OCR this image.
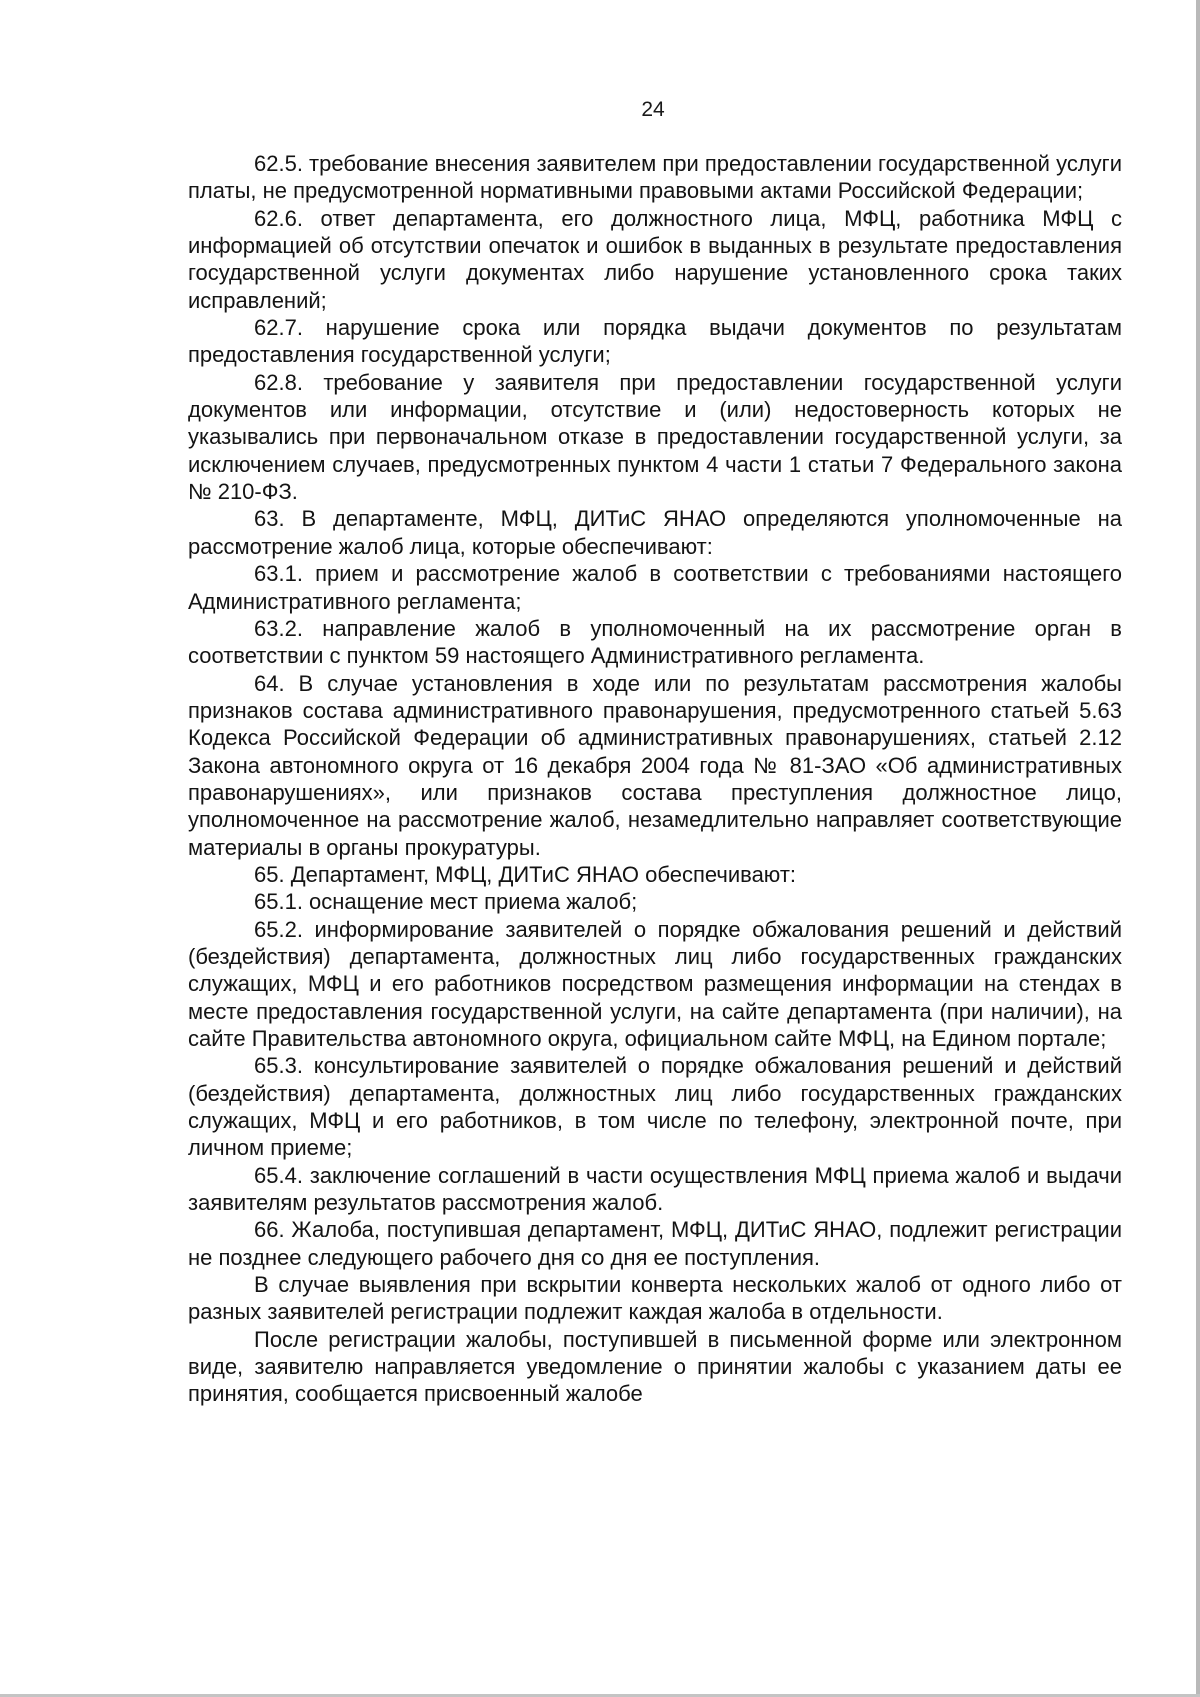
24

62.5. требование внесения заявителем при предоставлении государственной услуги платы, не предусмотренной нормативными правовыми актами Российской Федерации;

62.6. ответ департамента, его должностного лица, МФЦ, работника МФЦ с информацией об отсутствии опечаток и ошибок в выданных в результате предоставления государственной услуги документах либо нарушение установленного срока таких исправлений;

62.7. нарушение срока или порядка выдачи документов по результатам предоставления государственной услуги;

62.8. требование у заявителя при предоставлении государственной услуги документов или информации, отсутствие и (или) недостоверность которых не указывались при первоначальном отказе в предоставлении государственной услуги, за исключением случаев, предусмотренных пунктом 4 части 1 статьи 7 Федерального закона № 210-ФЗ.

63. В департаменте, МФЦ, ДИТиС ЯНАО определяются уполномоченные на рассмотрение жалоб лица, которые обеспечивают:

63.1. прием и рассмотрение жалоб в соответствии с требованиями настоящего Административного регламента;

63.2. направление жалоб в уполномоченный на их рассмотрение орган в соответствии с пунктом 59 настоящего Административного регламента.

64. В случае установления в ходе или по результатам рассмотрения жалобы признаков состава административного правонарушения, предусмотренного статьей 5.63 Кодекса Российской Федерации об административных правонарушениях, статьей 2.12 Закона автономного округа от 16 декабря 2004 года № 81-ЗАО «Об административных правонарушениях», или признаков состава преступления должностное лицо, уполномоченное на рассмотрение жалоб, незамедлительно направляет соответствующие материалы в органы прокуратуры.

65. Департамент, МФЦ, ДИТиС ЯНАО обеспечивают:

65.1. оснащение мест приема жалоб;

65.2. информирование заявителей о порядке обжалования решений и действий (бездействия) департамента, должностных лиц либо государственных гражданских служащих, МФЦ и его работников посредством размещения информации на стендах в месте предоставления государственной услуги, на сайте департамента (при наличии), на сайте Правительства автономного округа, официальном сайте МФЦ, на Едином портале;

65.3. консультирование заявителей о порядке обжалования решений и действий (бездействия) департамента, должностных лиц либо государственных гражданских служащих, МФЦ и его работников, в том числе по телефону, электронной почте, при личном приеме;

65.4. заключение соглашений в части осуществления МФЦ приема жалоб и выдачи заявителям результатов рассмотрения жалоб.

66. Жалоба, поступившая департамент, МФЦ, ДИТиС ЯНАО, подлежит регистрации не позднее следующего рабочего дня со дня ее поступления.

В случае выявления при вскрытии конверта нескольких жалоб от одного либо от разных заявителей регистрации подлежит каждая жалоба в отдельности.

После регистрации жалобы, поступившей в письменной форме или электронном виде, заявителю направляется уведомление о принятии жалобы с указанием даты ее принятия, сообщается присвоенный жалобе
